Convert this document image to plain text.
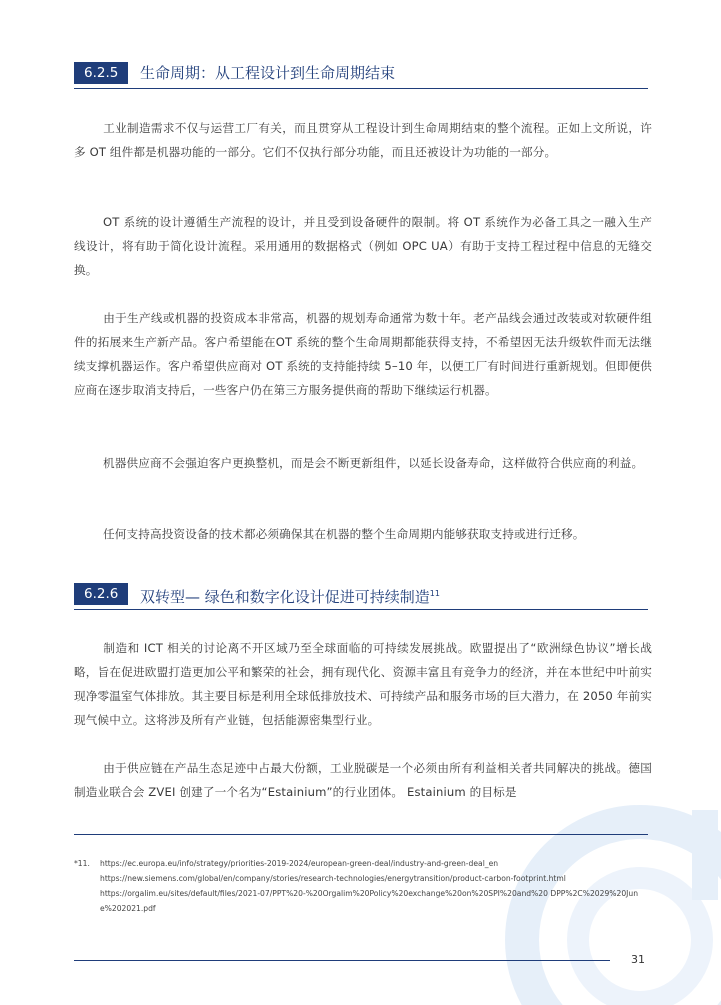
6.2.5	生命周期：从工程设计到生命周期结束

工业制造需求不仅与运营工厂有关，而且贯穿从工程设计到生命周期结束的整个流程。正如上文所说，许多 OT 组件都是机器功能的一部分。它们不仅执行部分功能，而且还被设计为功能的一部分。

OT 系统的设计遵循生产流程的设计，并且受到设备硬件的限制。将 OT 系统作为必备工具之一融入生产线设计，将有助于简化设计流程。采用通用的数据格式（例如 OPC UA）有助于支持工程过程中信息的无缝交换。

由于生产线或机器的投资成本非常高，机器的规划寿命通常为数十年。老产品线会通过改装或对软硬件组件的拓展来生产新产品。客户希望能在OT 系统的整个生命周期都能获得支持，不希望因无法升级软件而无法继续支撑机器运作。客户希望供应商对 OT 系统的支持能持续 5–10 年，以便工厂有时间进行重新规划。但即便供应商在逐步取消支持后，一些客户仍在第三方服务提供商的帮助下继续运行机器。

机器供应商不会强迫客户更换整机，而是会不断更新组件，以延长设备寿命，这样做符合供应商的利益。

任何支持高投资设备的技术都必须确保其在机器的整个生命周期内能够获取支持或进行迁移。

6.2.6	双转型— 绿色和数字化设计促进可持续制造$^{11}$

制造和 ICT 相关的讨论离不开区域乃至全球面临的可持续发展挑战。欧盟提出了“欧洲绿色协议”增长战略，旨在促进欧盟打造更加公平和繁荣的社会，拥有现代化、资源丰富且有竞争力的经济，并在本世纪中叶前实现净零温室气体排放。其主要目标是利用全球低排放技术、可持续产品和服务市场的巨大潜力，在 2050 年前实现气候中立。这将涉及所有产业链，包括能源密集型行业。

由于供应链在产品生态足迹中占最大份额，工业脱碳是一个必须由所有利益相关者共同解决的挑战。德国制造业联合会 ZVEI 创建了一个名为“Estainium”的行业团体。 Estainium 的目标是

*11. https://ec.europa.eu/info/strategy/priorities-2019-2024/european-green-deal/industry-and-green-deal_en
https://new.siemens.com/global/en/company/stories/research-technologies/energytransition/product-carbon-footprint.html
https://orgalim.eu/sites/default/files/2021-07/PPT%20-%20Orgalim%20Policy%20exchange%20on%20SPI%20and%20 DPP%2C%2029%20June%202021.pdf
31
